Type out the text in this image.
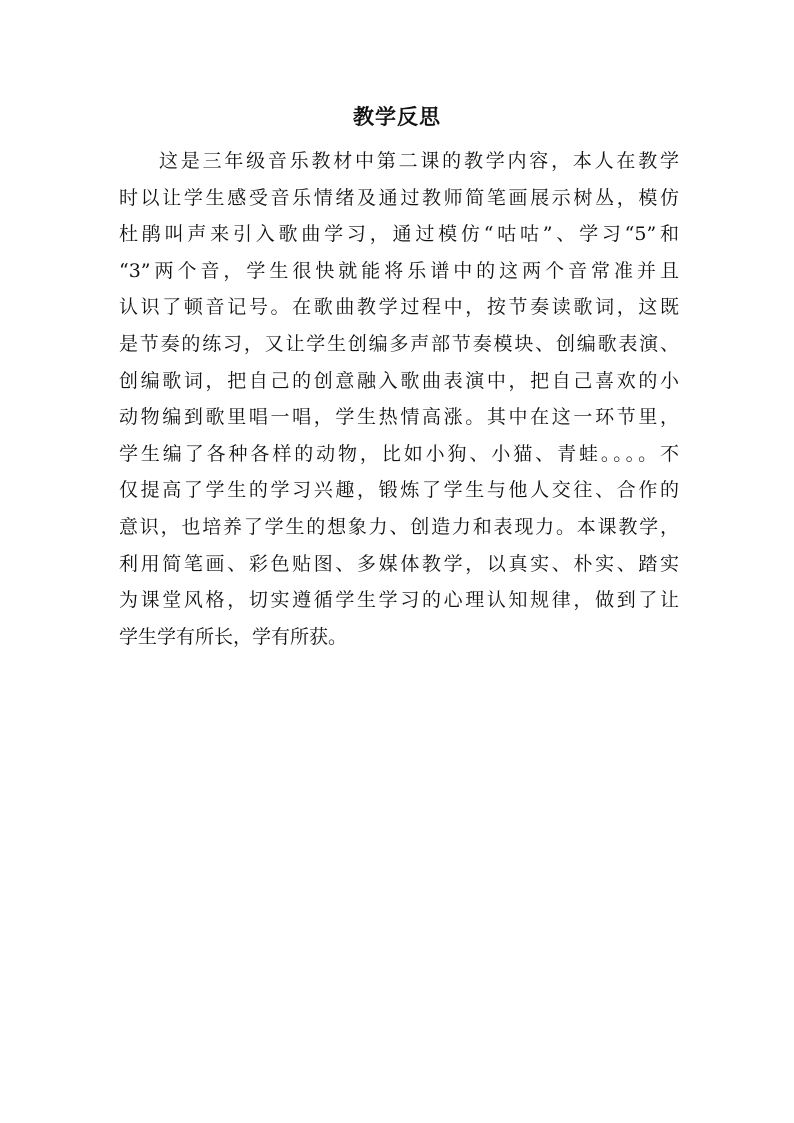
教学反思
这是三年级音乐教材中第二课的教学内容，本人在教学
时以让学生感受音乐情绪及通过教师简笔画展示树丛，模仿
杜鹃叫声来引入歌曲学习，通过模仿“咕咕”、学习“5”和
“3”两个音，学生很快就能将乐谱中的这两个音常准并且
认识了顿音记号。在歌曲教学过程中，按节奏读歌词，这既
是节奏的练习，又让学生创编多声部节奏模块、创编歌表演、
创编歌词，把自己的创意融入歌曲表演中，把自己喜欢的小
动物编到歌里唱一唱，学生热情高涨。其中在这一环节里，
学生编了各种各样的动物，比如小狗、小猫、青蛙。。。。不
仅提高了学生的学习兴趣，锻炼了学生与他人交往、合作的
意识，也培养了学生的想象力、创造力和表现力。本课教学，
利用简笔画、彩色贴图、多媒体教学，以真实、朴实、踏实
为课堂风格，切实遵循学生学习的心理认知规律，做到了让
学生学有所长，学有所获。
